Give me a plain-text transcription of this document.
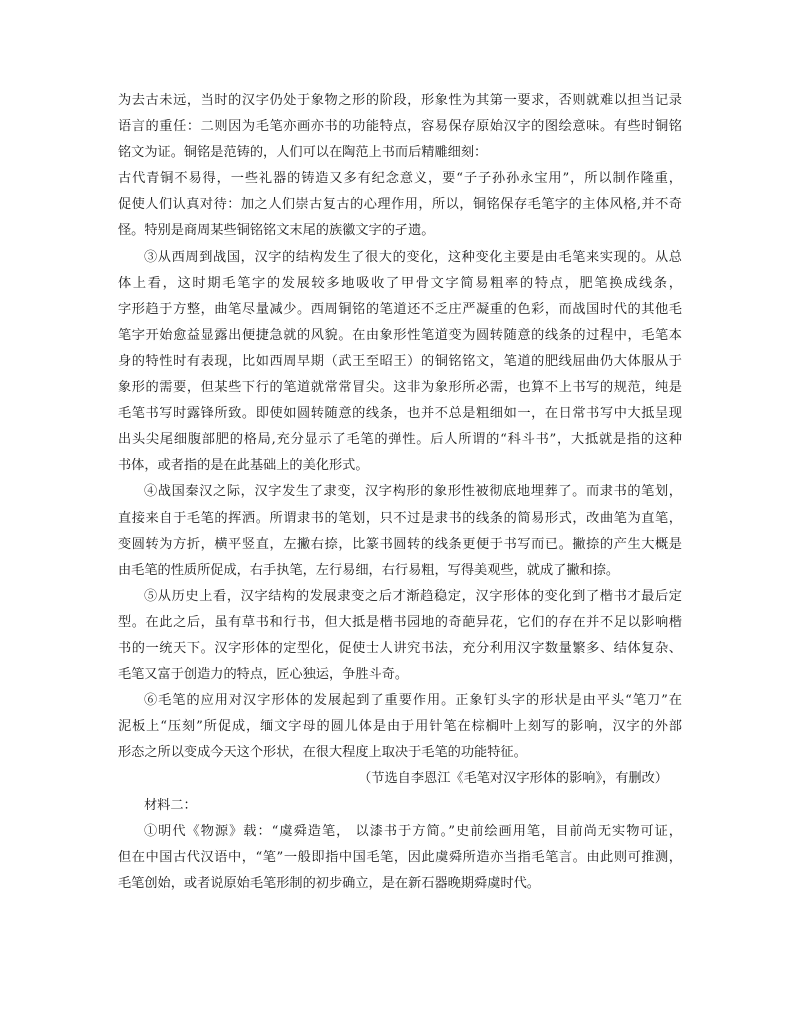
为去古未远，当时的汉字仍处于象物之形的阶段，形象性为其第一要求，否则就难以担当记录
语言的重任：二则因为毛笔亦画亦书的功能特点，容易保存原始汉字的图绘意味。有些时铜铭
铭文为证。铜铭是范铸的，人们可以在陶范上书而后精雕细刻：
古代青铜不易得，一些礼器的铸造又多有纪念意义，要“子子孙孙永宝用”，所以制作隆重，
促使人们认真对待：加之人们崇古复古的心理作用，所以，铜铭保存毛笔字的主体风格,并不奇
怪。特别是商周某些铜铭铭文末尾的族徽文字的孑遗。
③从西周到战国，汉字的结构发生了很大的变化，这种变化主要是由毛笔来实现的。从总
体上看，这时期毛笔字的发展较多地吸收了甲骨文字简易粗率的特点，肥笔换成线条，
字形趋于方整，曲笔尽量减少。西周铜铭的笔道还不乏庄严凝重的色彩，而战国时代的其他毛
笔字开始愈益显露出便捷急就的风貌。在由象形性笔道变为圆转随意的线条的过程中，毛笔本
身的特性时有表现，比如西周早期（武王至昭王）的铜铭铭文，笔道的肥线屈曲仍大体服从于
象形的需要，但某些下行的笔道就常常冒尖。这非为象形所必需，也算不上书写的规范，纯是
毛笔书写时露锋所致。即使如圆转随意的线条，也并不总是粗细如一，在日常书写中大抵呈现
出头尖尾细腹部肥的格局,充分显示了毛笔的弹性。后人所谓的“科斗书”，大抵就是指的这种
书体，或者指的是在此基础上的美化形式。
④战国秦汉之际，汉字发生了隶变，汉字构形的象形性被彻底地埋葬了。而隶书的笔划，
直接来自于毛笔的挥洒。所谓隶书的笔划，只不过是隶书的线条的简易形式，改曲笔为直笔，
变圆转为方折，横平竖直，左撇右捺，比篆书圆转的线条更便于书写而已。撇捺的产生大概是
由毛笔的性质所促成，右手执笔，左行易细，右行易粗，写得美观些，就成了撇和捺。
⑤从历史上看，汉字结构的发展隶变之后才渐趋稳定，汉字形体的变化到了楷书才最后定
型。在此之后，虽有草书和行书，但大抵是楷书园地的奇葩异花，它们的存在并不足以影响楷
书的一统天下。汉字形体的定型化，促使士人讲究书法，充分利用汉字数量繁多、结体复杂、
毛笔又富于创造力的特点，匠心独运，争胜斗奇。
⑥毛笔的应用对汉字形体的发展起到了重要作用。正象钉头字的形状是由平头“笔刀”在
泥板上“压刻”所促成，缅文字母的圆儿体是由于用针笔在棕榈叶上刻写的影响，汉字的外部
形态之所以变成今天这个形状，在很大程度上取决于毛笔的功能特征。
（节选自李恩江《毛笔对汉字形体的影响》，有删改）
材料二：
①明代《物源》载：“虞舜造笔， 以漆书于方简。”史前绘画用笔，目前尚无实物可证，
但在中国古代汉语中，“笔”一般即指中国毛笔，因此虞舜所造亦当指毛笔言。由此则可推测，
毛笔创始，或者说原始毛笔形制的初步确立，是在新石器晚期舜虞时代。
